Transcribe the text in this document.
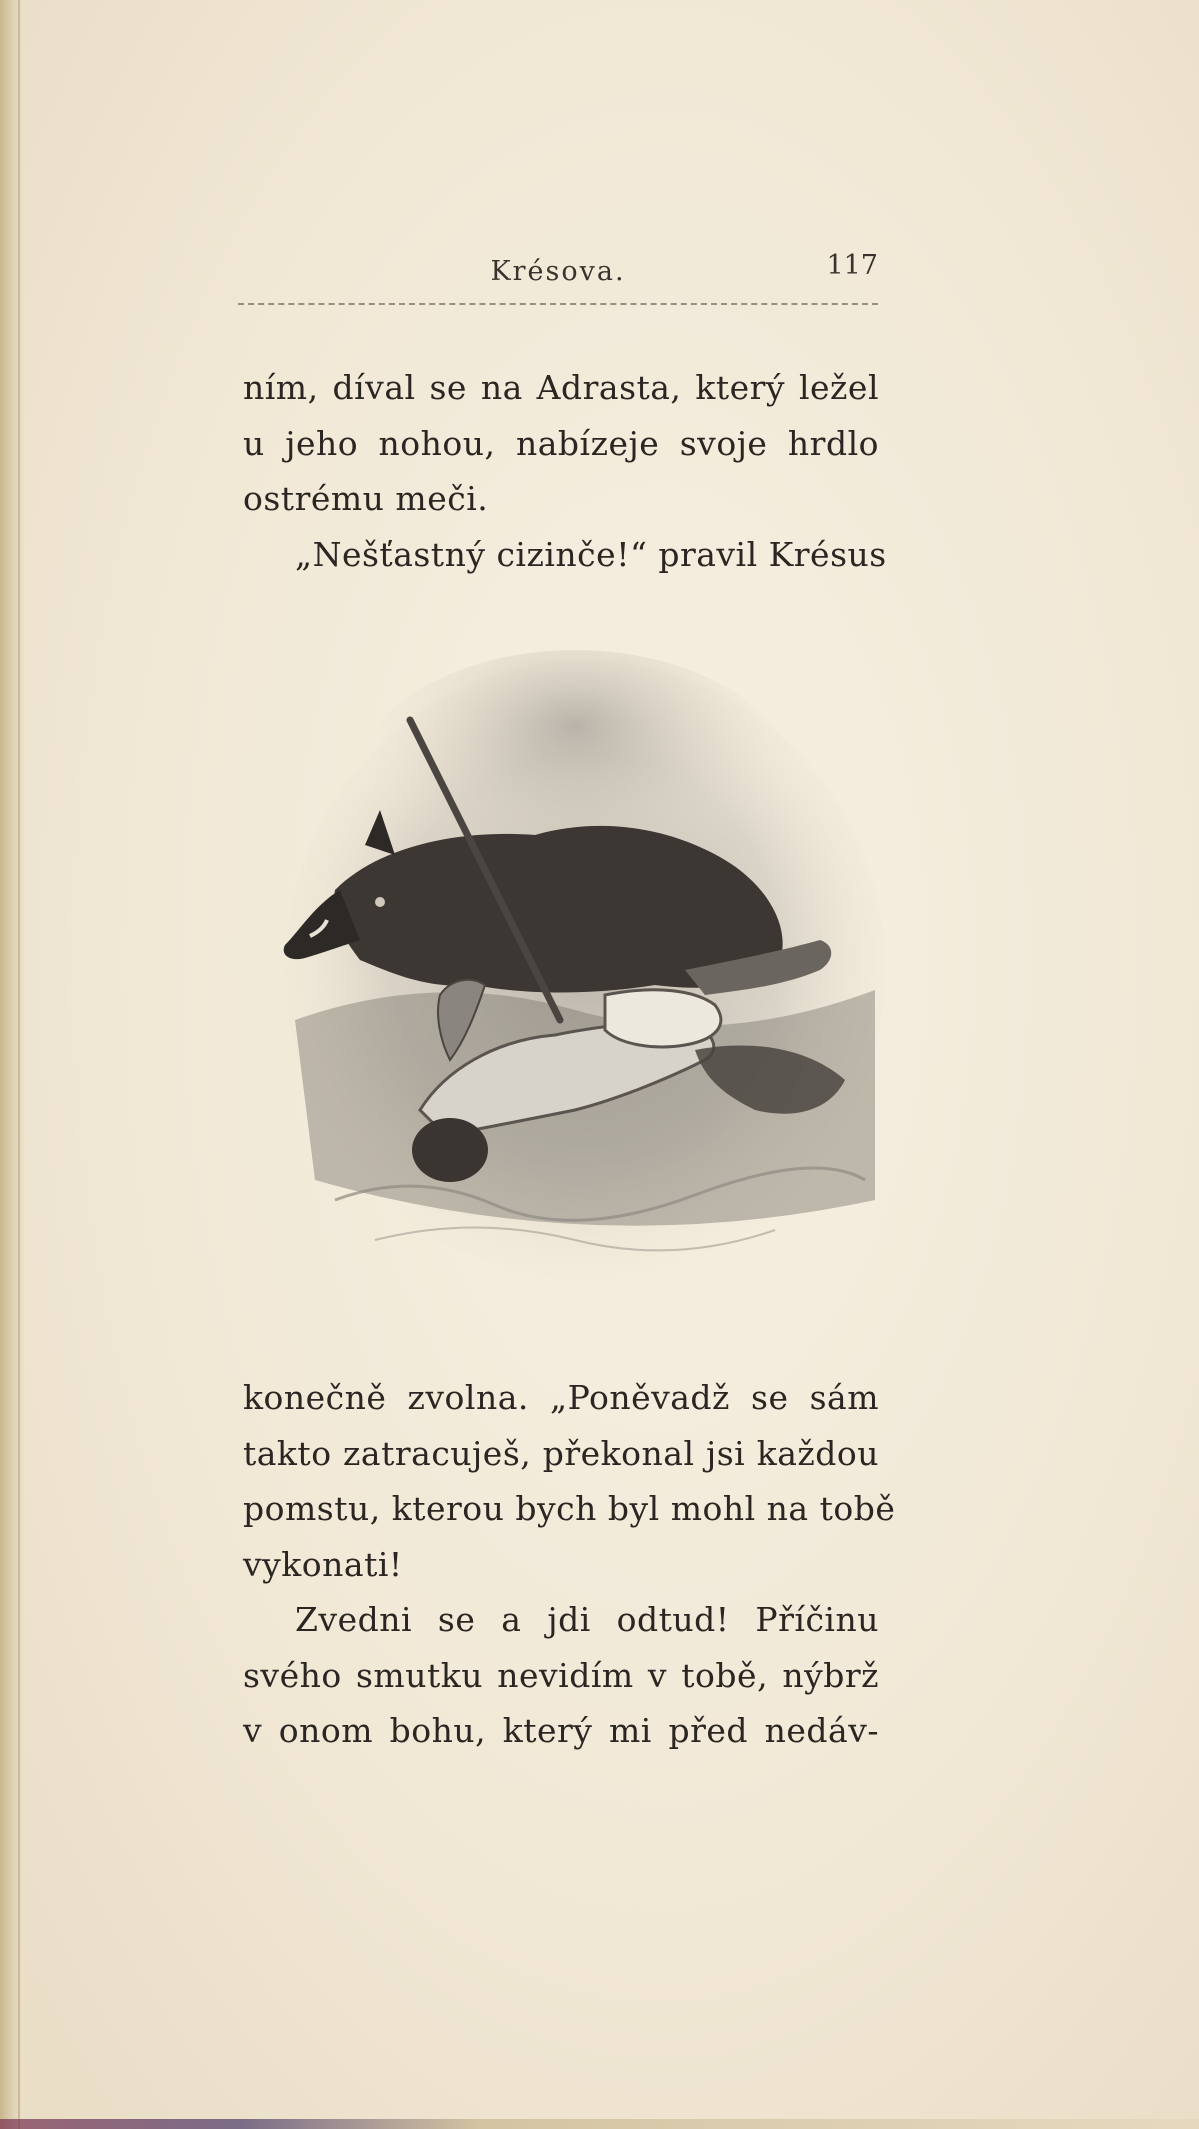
Krésova.	117
ním, díval se na Adrasta, který ležel
u jeho nohou, nabízeje svoje hrdlo
ostrému meči.
„Nešťastný cizinče!“ pravil Krésus
konečně zvolna. „Poněvadž se sám
takto zatracuješ, překonal jsi každou
pomstu, kterou bych byl mohl na tobě
vykonati!
Zvedni se a jdi odtud! Příčinu
svého smutku nevidím v tobě, nýbrž
v onom bohu, který mi před nedáv-
